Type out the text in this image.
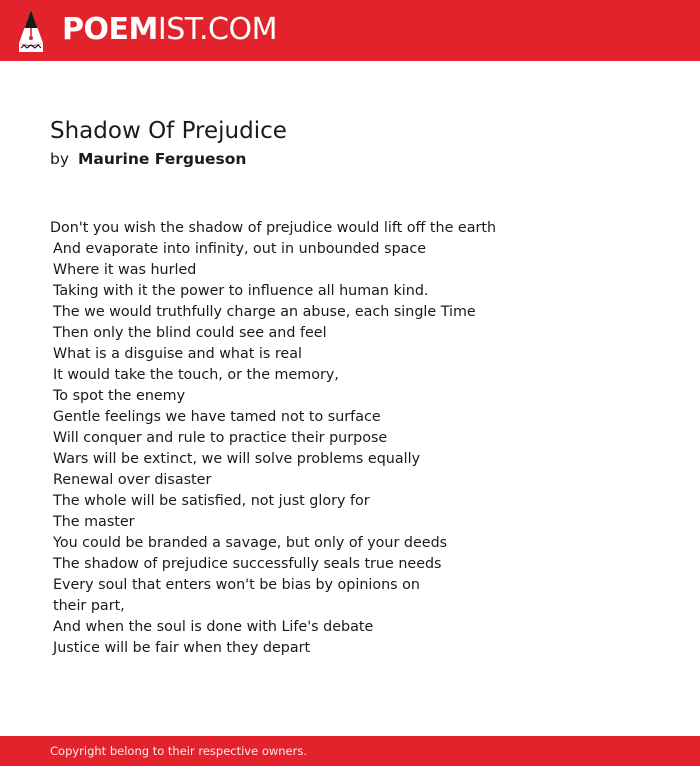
POEMIST.COM
Shadow Of Prejudice
by Maurine Fergueson
Don't you wish the shadow of prejudice would lift off the earth
And evaporate into infinity, out in unbounded space
Where it was hurled
Taking with it the power to influence all human kind.
The we would truthfully charge an abuse, each single Time
Then only the blind could see and feel
What is a disguise and what is real
It would take the touch, or the memory,
To spot the enemy
Gentle feelings we have tamed not to surface
Will conquer and rule to practice their purpose
Wars will be extinct, we will solve problems equally
Renewal over disaster
The whole will be satisfied, not just glory for
The master
You could be branded a savage, but only of your deeds
The shadow of prejudice successfully seals true needs
Every soul that enters won't be bias by opinions on
their part,
And when the soul is done with Life's debate
Justice will be fair when they depart
Copyright belong to their respective owners.
